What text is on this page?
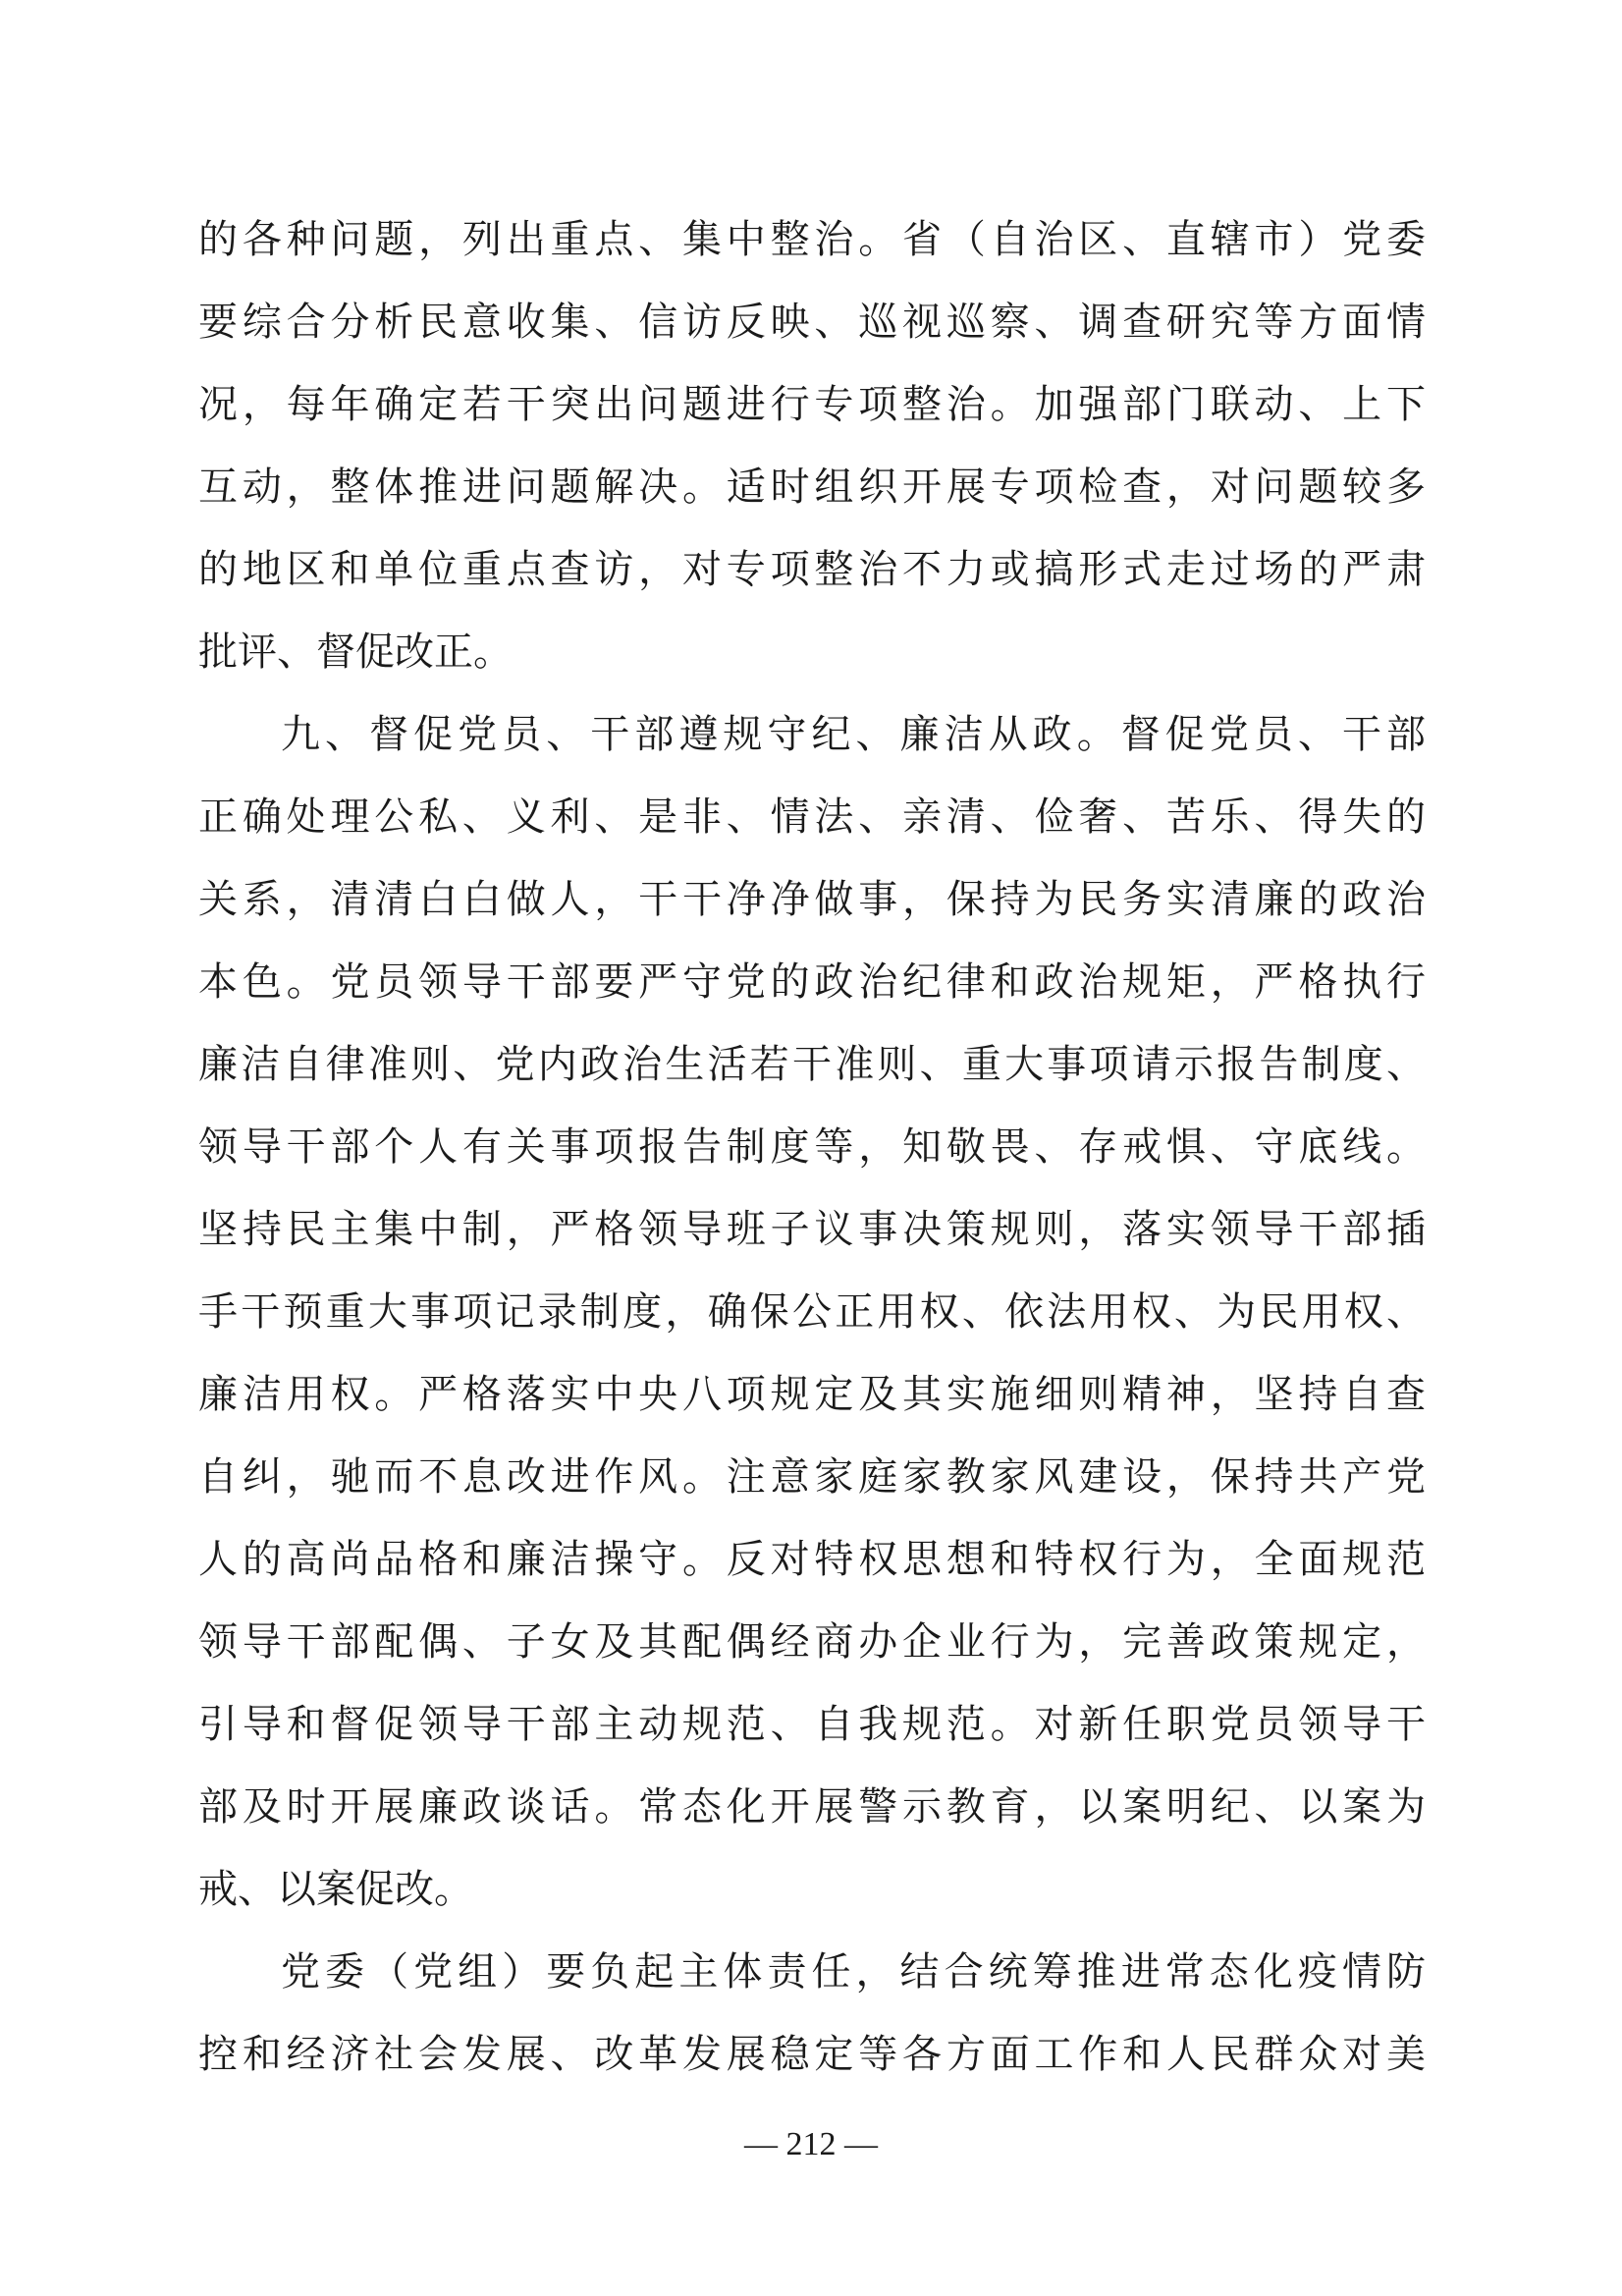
的各种问题，列出重点、集中整治。省（自治区、直辖市）党委
要综合分析民意收集、信访反映、巡视巡察、调查研究等方面情
况，每年确定若干突出问题进行专项整治。加强部门联动、上下
互动，整体推进问题解决。适时组织开展专项检查，对问题较多
的地区和单位重点查访，对专项整治不力或搞形式走过场的严肃
批评、督促改正。
九、督促党员、干部遵规守纪、廉洁从政。督促党员、干部
正确处理公私、义利、是非、情法、亲清、俭奢、苦乐、得失的
关系，清清白白做人，干干净净做事，保持为民务实清廉的政治
本色。党员领导干部要严守党的政治纪律和政治规矩，严格执行
廉洁自律准则、党内政治生活若干准则、重大事项请示报告制度、
领导干部个人有关事项报告制度等，知敬畏、存戒惧、守底线。
坚持民主集中制，严格领导班子议事决策规则，落实领导干部插
手干预重大事项记录制度，确保公正用权、依法用权、为民用权、
廉洁用权。严格落实中央八项规定及其实施细则精神，坚持自查
自纠，驰而不息改进作风。注意家庭家教家风建设，保持共产党
人的高尚品格和廉洁操守。反对特权思想和特权行为，全面规范
领导干部配偶、子女及其配偶经商办企业行为，完善政策规定，
引导和督促领导干部主动规范、自我规范。对新任职党员领导干
部及时开展廉政谈话。常态化开展警示教育，以案明纪、以案为
戒、以案促改。
党委（党组）要负起主体责任，结合统筹推进常态化疫情防
控和经济社会发展、改革发展稳定等各方面工作和人民群众对美
— 212 —
